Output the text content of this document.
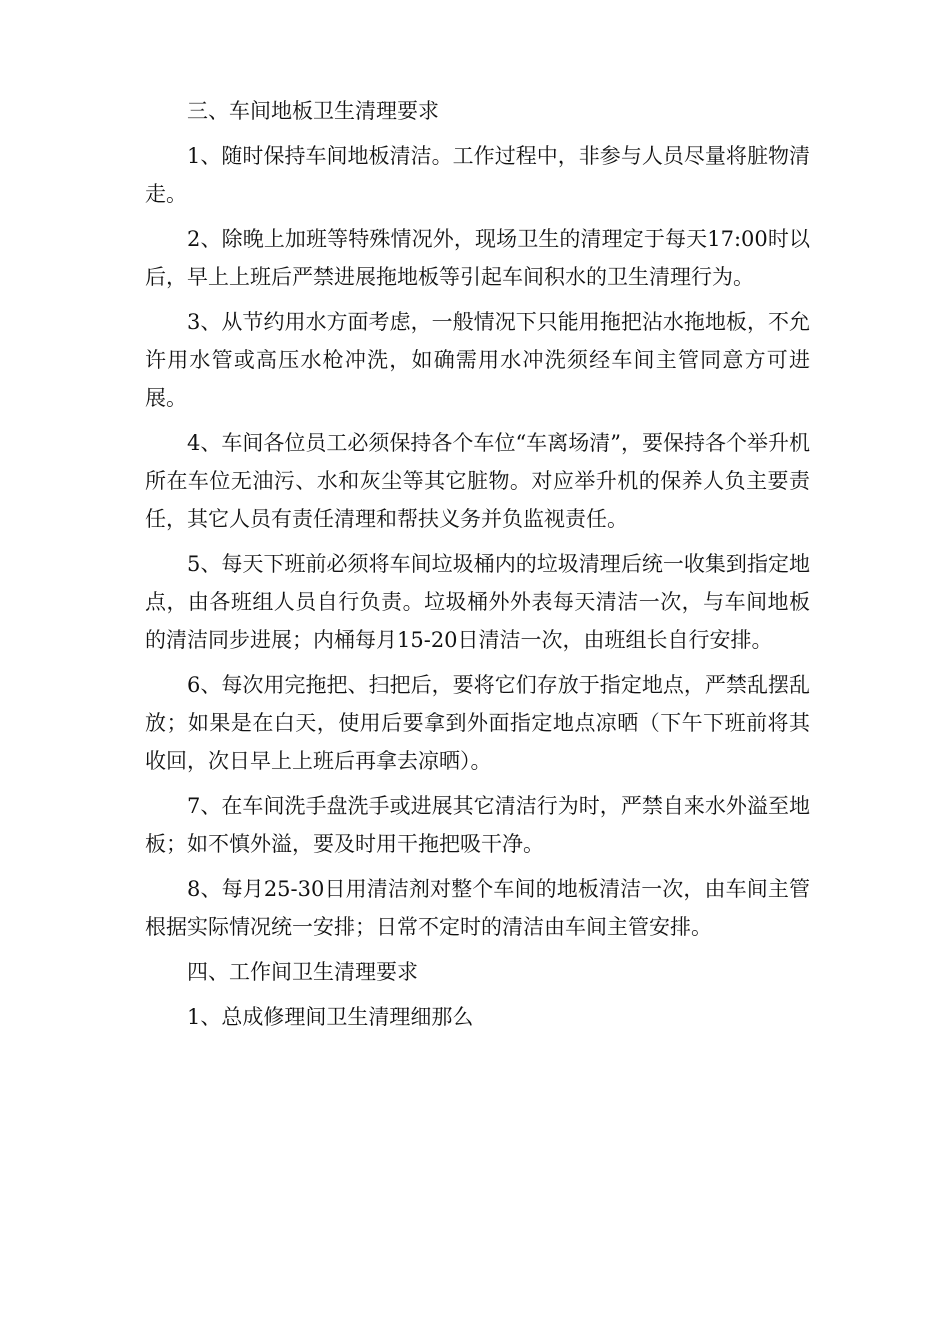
三、车间地板卫生清理要求

1、随时保持车间地板清洁。工作过程中，非参与人员尽量将脏物清走。

2、除晚上加班等特殊情况外，现场卫生的清理定于每天17:00时以后，早上上班后严禁进展拖地板等引起车间积水的卫生清理行为。

3、从节约用水方面考虑，一般情况下只能用拖把沾水拖地板，不允许用水管或高压水枪冲洗，如确需用水冲洗须经车间主管同意方可进展。

4、车间各位员工必须保持各个车位“车离场清”，要保持各个举升机所在车位无油污、水和灰尘等其它脏物。对应举升机的保养人负主要责任，其它人员有责任清理和帮扶义务并负监视责任。

5、每天下班前必须将车间垃圾桶内的垃圾清理后统一收集到指定地点，由各班组人员自行负责。垃圾桶外外表每天清洁一次，与车间地板的清洁同步进展；内桶每月15-20日清洁一次，由班组长自行安排。

6、每次用完拖把、扫把后，要将它们存放于指定地点，严禁乱摆乱放；如果是在白天，使用后要拿到外面指定地点凉晒（下午下班前将其收回，次日早上上班后再拿去凉晒）。

7、在车间洗手盘洗手或进展其它清洁行为时，严禁自来水外溢至地板；如不慎外溢，要及时用干拖把吸干净。

8、每月25-30日用清洁剂对整个车间的地板清洁一次，由车间主管根据实际情况统一安排；日常不定时的清洁由车间主管安排。

四、工作间卫生清理要求

1、总成修理间卫生清理细那么
